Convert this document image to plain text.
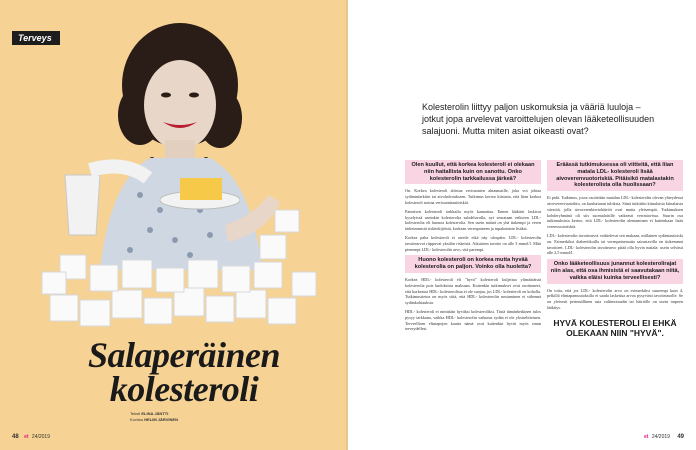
Terveys
Salaperäinen
kolesteroli
Teksti ELINA JÄNTTI
Kuvitus HELMI JÄRVINEN
48 et 24/2019
Kolesterolin liittyy paljon uskomuksia ja vääriä luuloja – jotkut jopa arvelevat varoittelujen olevan lääketeollisuuden salajuoni. Mutta miten asiat oikeasti ovat?
Olen kuullut, että korkea kolesteroli ei olekaan niin haitallista kuin on sanottu. Onko kolesterolin tarkkailussa järkeä?

On. Korkea kolesteroli altistaa verisuonten ahtaumaille, joka voi johtaa sydäninfarktiin tai aivohalvaukseen. Tutkimus kertoo kiistatta, että liian korkea kolesteroli nostaa verisuonitautiriskiä.

Paineisen kolesteroli tarkkailu myös kannattaa. Ennen lääkärit laskivat kyselyissä useinkin kolesterolia suhdeluvulla, nyt seurataan erikseen LDL- kolesterolia eli huonoa kolesterolia. Sen usein määrä on yhä tiukempi ja veren tärkeimmistä riskitekijöistä, korkean verenpaineen ja tupakoinnin lisäksi.

Korkea paha kolesteroli ei oireile eikä näy ulospäin. LDL- kolesterolin tavoitearvot riippuvat yksilön riskeistä. Aikuisten tavoite on alle 3 mmol/l. Mitä pienempi LDL- kolesterolin arvo, sitä parempi.

Huono kolesteroli on korkea mutta hyvää kolesterolia on paljon. Voinko olla huoletta?

Korkea HDL- kolesteroli eli "hyvä" kolesteroli kuljettaa ylimääräistä kolesterolia pois kudoksista maksaan. Kuitenkin tutkimukset ovat osoittaneet, että korkeasta HDL- kolesterolista ei ole suojaa, jos LDL- kolesteroli on koholla. Tutkimustietoa on myös siitä, että HDL- kolesterolin nostaminen ei vähennä sydänkohtauksia.

HDL- kolesteroli ei nimittäin hyväksi kolesteroliksi. Tästä tämänhetkinen tulos pysyy tarkkana, vaikka HDL- kolesterolin vaikutus sydän ei ole yksiselitteinen. Terveellisen elintapojen kautta nämä ovat kuitenkin hyvät myös sinun terveydellesi.

Eräässä tutkimuksessa oli viitteitä, että liian matala LDL- kolesteroli lisää aivoverenvuotoriskiä. Pitäisikö matalastakin kolesterolista olla huolissaan?

Ei pidä. Tutkimus, jossa osoitettiin matalan LDL- kolesterolin olevan yhteydessä aivoverenvuotoihin, on kuuluttanut tuloksia. Siinä tutkittiin kiinalaisia kiinalaista väestöä, jolla aivoverenkiertohäiriöt ovat muita yleisempiä. Tutkimuksen kohderyhmänä oli siis suomalaisille vaikeasti verrattavissa. Suurin osa tutkimuksista kertoo, että LDL- kolesterolin alentaminen ei kuitenkaan lisää verenvuotoriskiä.

LDL- kolesterolin tavoitearvot vaihtelevat sen mukaan, millainen sydäntautiriski on. Esimerkiksi diabeetikoilla tai verenpainetautia sairastavilla on tiukemmat tavoitteet. LDL- kolesterolin tavoitearvo pitää olla hyvin matala: usein selvästi alle 2,5 mmol/l.

Onko lääketeollisuus junannut kolesterolirajat niin alas, että osa ihmisistä ei saavutakaan niitä, vaikka eläisi kuinka terveellisesti?

On totta, että jos LDL- kolesterolin arvo on esimerkiksi suurempi kuin 4, pelkillä elintapamuutoksilla ei saada laskettua arvoa pysyvästi tavoitetasolle. Se on yleisesti perinnöllinen asia valtimotaudin tai häiriölle on usein tarpeen lääkitys.

HYVÄ KOLESTEROLI EI EHKÄ OLEKAAN NIIN "HYVÄ".
et 24/2019 49
